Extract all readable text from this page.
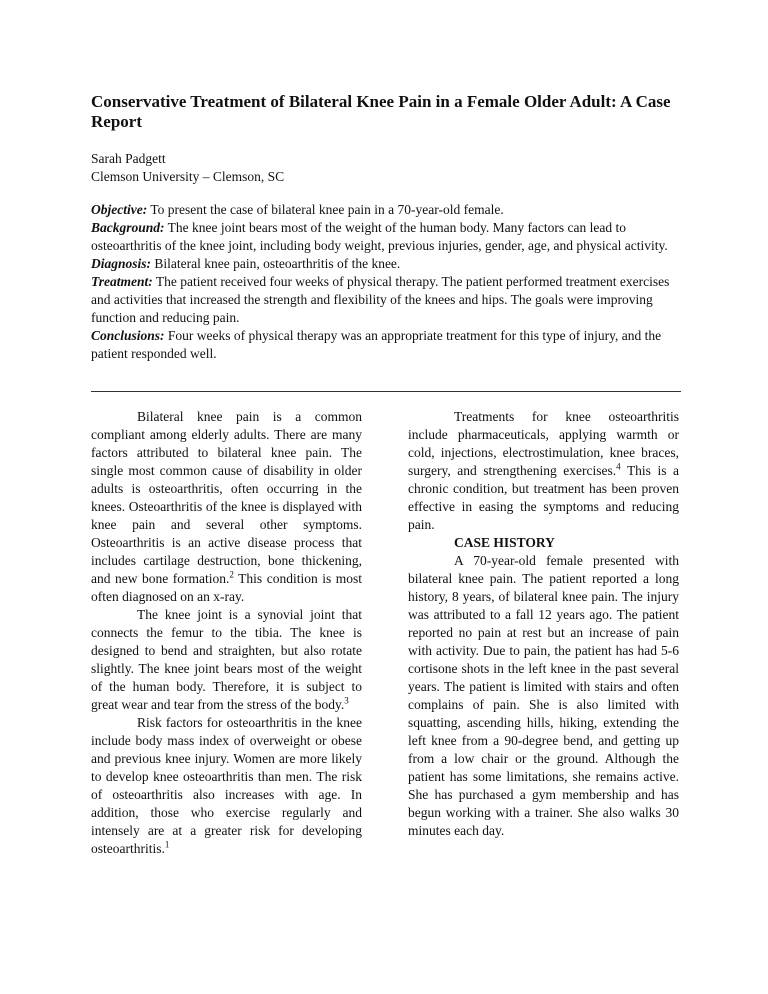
Conservative Treatment of Bilateral Knee Pain in a Female Older Adult: A Case Report
Sarah Padgett
Clemson University – Clemson, SC

Objective: To present the case of bilateral knee pain in a 70-year-old female.

Background: The knee joint bears most of the weight of the human body. Many factors can lead to osteoarthritis of the knee joint, including body weight, previous injuries, gender, age, and physical activity.

Diagnosis: Bilateral knee pain, osteoarthritis of the knee.

Treatment: The patient received four weeks of physical therapy. The patient performed treatment exercises and activities that increased the strength and flexibility of the knees and hips. The goals were improving function and reducing pain.

Conclusions: Four weeks of physical therapy was an appropriate treatment for this type of injury, and the patient responded well.

Bilateral knee pain is a common compliant among elderly adults. There are many factors attributed to bilateral knee pain. The single most common cause of disability in older adults is osteoarthritis, often occurring in the knees. Osteoarthritis of the knee is displayed with knee pain and several other symptoms. Osteoarthritis is an active disease process that includes cartilage destruction, bone thickening, and new bone formation.$^2$ This condition is most often diagnosed on an x-ray.

The knee joint is a synovial joint that connects the femur to the tibia. The knee is designed to bend and straighten, but also rotate slightly. The knee joint bears most of the weight of the human body. Therefore, it is subject to great wear and tear from the stress of the body.$^3$

Risk factors for osteoarthritis in the knee include body mass index of overweight or obese and previous knee injury. Women are more likely to develop knee osteoarthritis than men. The risk of osteoarthritis also increases with age. In addition, those who exercise regularly and intensely are at a greater risk for developing osteoarthritis.$^1$

Treatments for knee osteoarthritis include pharmaceuticals, applying warmth or cold, injections, electrostimulation, knee braces, surgery, and strengthening exercises.$^4$ This is a chronic condition, but treatment has been proven effective in easing the symptoms and reducing pain.

CASE HISTORY

A 70-year-old female presented with bilateral knee pain. The patient reported a long history, 8 years, of bilateral knee pain. The injury was attributed to a fall 12 years ago. The patient reported no pain at rest but an increase of pain with activity. Due to pain, the patient has had 5-6 cortisone shots in the left knee in the past several years. The patient is limited with stairs and often complains of pain. She is also limited with squatting, ascending hills, hiking, extending the left knee from a 90-degree bend, and getting up from a low chair or the ground. Although the patient has some limitations, she remains active. She has purchased a gym membership and has begun working with a trainer. She also walks 30 minutes each day.
